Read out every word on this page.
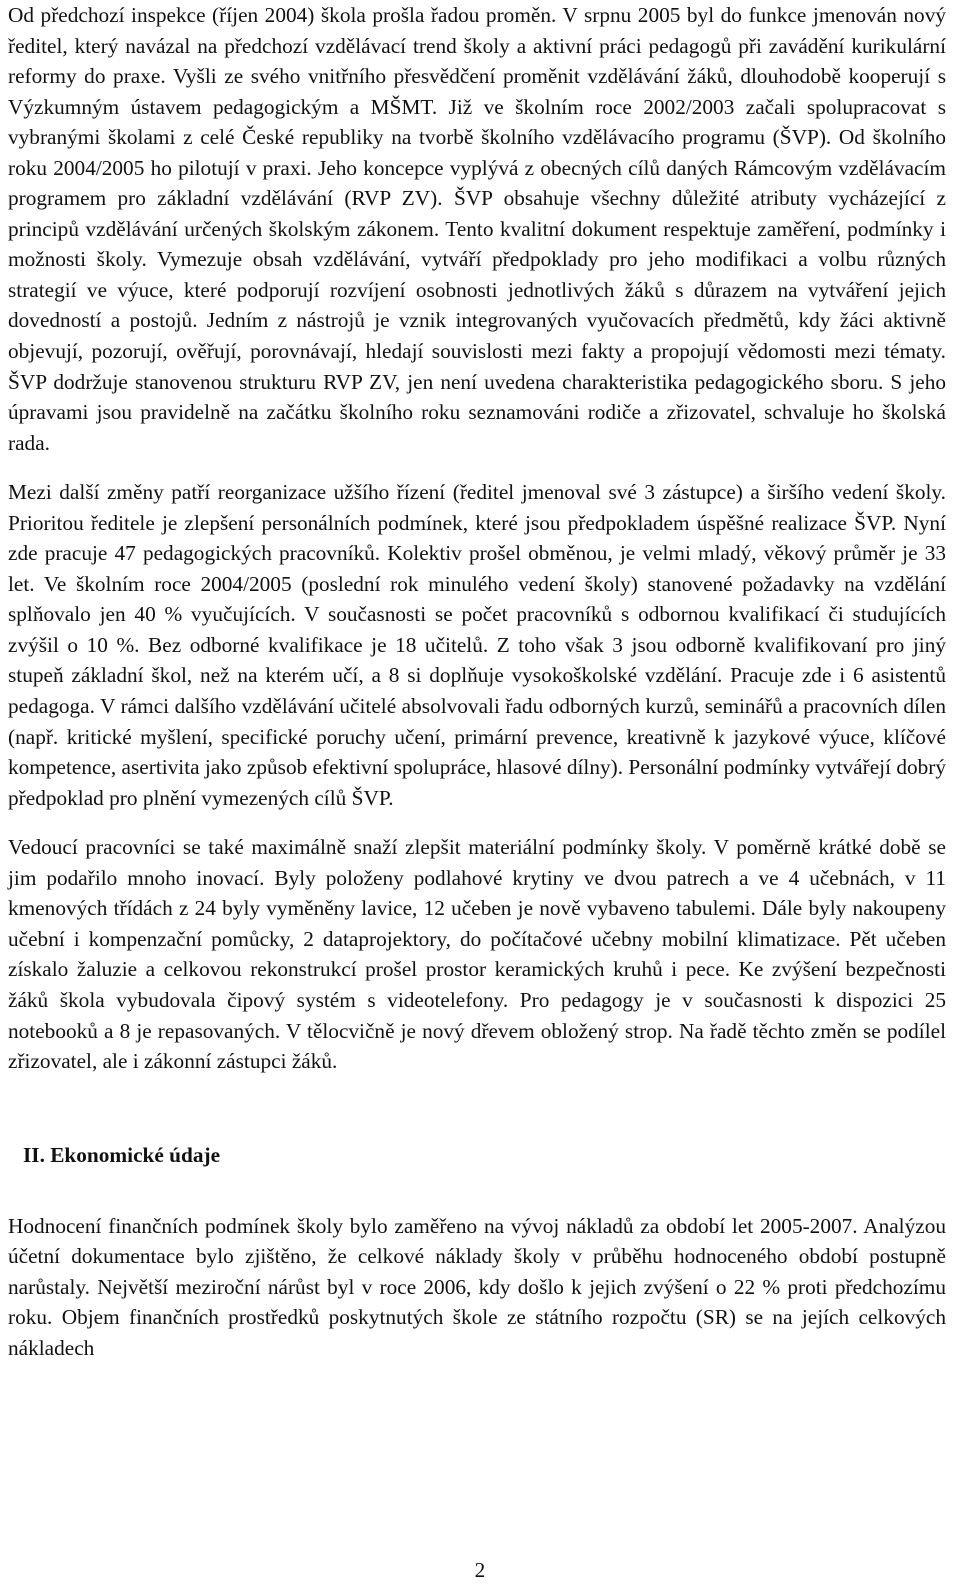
Od předchozí inspekce (říjen 2004) škola prošla řadou proměn. V srpnu 2005 byl do funkce jmenován nový ředitel, který navázal na předchozí vzdělávací trend školy a aktivní práci pedagogů při zavádění kurikulární reformy do praxe. Vyšli ze svého vnitřního přesvědčení proměnit vzdělávání žáků, dlouhodobě kooperují s Výzkumným ústavem pedagogickým a MŠMT. Již ve školním roce 2002/2003 začali spolupracovat s vybranými školami z celé České republiky na tvorbě školního vzdělávacího programu (ŠVP). Od školního roku 2004/2005 ho pilotují v praxi. Jeho koncepce vyplývá z obecných cílů daných Rámcovým vzdělávacím programem pro základní vzdělávání (RVP ZV). ŠVP obsahuje všechny důležité atributy vycházející z principů vzdělávání určených školským zákonem. Tento kvalitní dokument respektuje zaměření, podmínky i možnosti školy. Vymezuje obsah vzdělávání, vytváří předpoklady pro jeho modifikaci a volbu různých strategií ve výuce, které podporují rozvíjení osobnosti jednotlivých žáků s důrazem na vytváření jejich dovedností a postojů. Jedním z nástrojů je vznik integrovaných vyučovacích předmětů, kdy žáci aktivně objevují, pozorují, ověřují, porovnávají, hledají souvislosti mezi fakty a propojují vědomosti mezi tématy. ŠVP dodržuje stanovenou strukturu RVP ZV, jen není uvedena charakteristika pedagogického sboru. S jeho úpravami jsou pravidelně na začátku školního roku seznamováni rodiče a zřizovatel, schvaluje ho školská rada.

Mezi další změny patří reorganizace užšího řízení (ředitel jmenoval své 3 zástupce) a širšího vedení školy. Prioritou ředitele je zlepšení personálních podmínek, které jsou předpokladem úspěšné realizace ŠVP. Nyní zde pracuje 47 pedagogických pracovníků. Kolektiv prošel obměnou, je velmi mladý, věkový průměr je 33 let. Ve školním roce 2004/2005 (poslední rok minulého vedení školy) stanovené požadavky na vzdělání splňovalo jen 40 % vyučujících. V současnosti se počet pracovníků s odbornou kvalifikací či studujících zvýšil o 10 %. Bez odborné kvalifikace je 18 učitelů. Z toho však 3 jsou odborně kvalifikovaní pro jiný stupeň základní škol, než na kterém učí, a 8 si doplňuje vysokoškolské vzdělání. Pracuje zde i 6 asistentů pedagoga. V rámci dalšího vzdělávání učitelé absolvovali řadu odborných kurzů, seminářů a pracovních dílen (např. kritické myšlení, specifické poruchy učení, primární prevence, kreativně k jazykové výuce, klíčové kompetence, asertivita jako způsob efektivní spolupráce, hlasové dílny). Personální podmínky vytvářejí dobrý předpoklad pro plnění vymezených cílů ŠVP.

Vedoucí pracovníci se také maximálně snaží zlepšit materiální podmínky školy. V poměrně krátké době se jim podařilo mnoho inovací. Byly položeny podlahové krytiny ve dvou patrech a ve 4 učebnách, v 11 kmenových třídách z 24 byly vyměněny lavice, 12 učeben je nově vybaveno tabulemi. Dále byly nakoupeny učební i kompenzační pomůcky, 2 dataprojektory, do počítačové učebny mobilní klimatizace. Pět učeben získalo žaluzie a celkovou rekonstrukcí prošel prostor keramických kruhů i pece. Ke zvýšení bezpečnosti žáků škola vybudovala čipový systém s videotelefony. Pro pedagogy je v současnosti k dispozici 25 notebooků a 8 je repasovaných. V tělocvičně je nový dřevem obložený strop. Na řadě těchto změn se podílel zřizovatel, ale i zákonní zástupci žáků.

II. Ekonomické údaje

Hodnocení finančních podmínek školy bylo zaměřeno na vývoj nákladů za období let 2005-2007. Analýzou účetní dokumentace bylo zjištěno, že celkové náklady školy v průběhu hodnoceného období postupně narůstaly. Největší meziroční nárůst byl v roce 2006, kdy došlo k jejich zvýšení o 22 % proti předchozímu roku. Objem finančních prostředků poskytnutých škole ze státního rozpočtu (SR) se na jejích celkových nákladech

2
